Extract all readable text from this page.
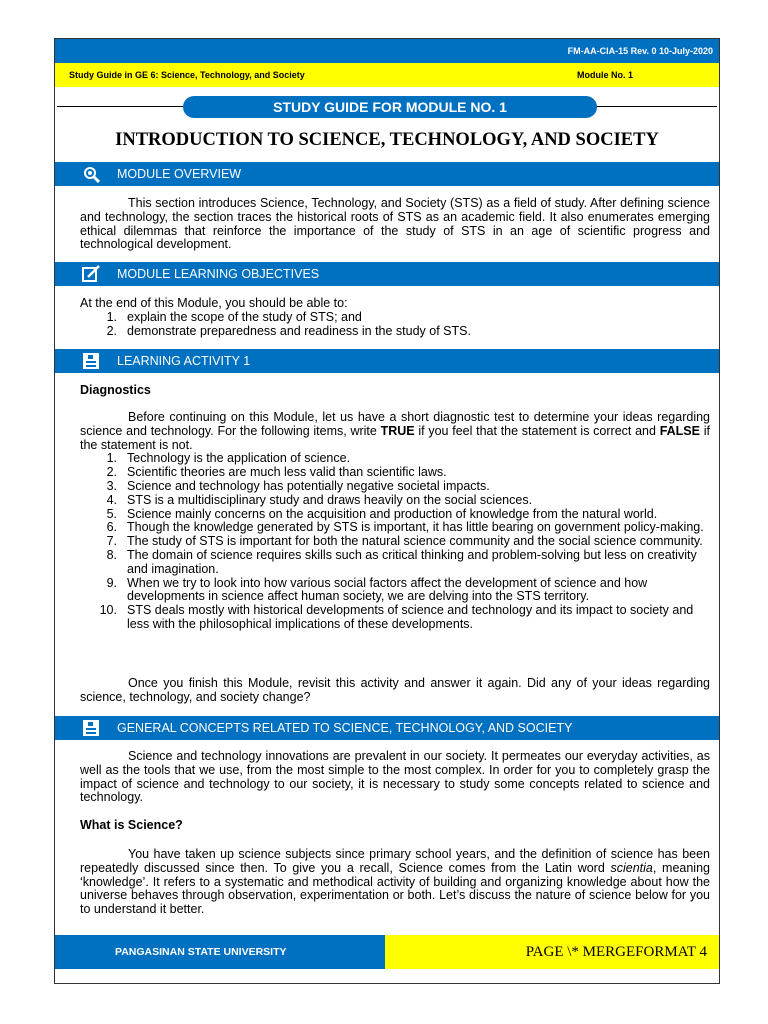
FM-AA-CIA-15 Rev. 0 10-July-2020
Study Guide in GE 6: Science, Technology, and Society	Module No. 1
STUDY GUIDE FOR MODULE NO. 1
INTRODUCTION TO SCIENCE, TECHNOLOGY, AND SOCIETY
MODULE OVERVIEW
This section introduces Science, Technology, and Society (STS) as a field of study. After defining science and technology, the section traces the historical roots of STS as an academic field. It also enumerates emerging ethical dilemmas that reinforce the importance of the study of STS in an age of scientific progress and technological development.
MODULE LEARNING OBJECTIVES
At the end of this Module, you should be able to:
1. explain the scope of the study of STS; and
2. demonstrate preparedness and readiness in the study of STS.
LEARNING ACTIVITY 1
Diagnostics
Before continuing on this Module, let us have a short diagnostic test to determine your ideas regarding science and technology. For the following items, write TRUE if you feel that the statement is correct and FALSE if the statement is not.
1. Technology is the application of science.
2. Scientific theories are much less valid than scientific laws.
3. Science and technology has potentially negative societal impacts.
4. STS is a multidisciplinary study and draws heavily on the social sciences.
5. Science mainly concerns on the acquisition and production of knowledge from the natural world.
6. Though the knowledge generated by STS is important, it has little bearing on government policy-making.
7. The study of STS is important for both the natural science community and the social science community.
8. The domain of science requires skills such as critical thinking and problem-solving but less on creativity and imagination.
9. When we try to look into how various social factors affect the development of science and how developments in science affect human society, we are delving into the STS territory.
10. STS deals mostly with historical developments of science and technology and its impact to society and less with the philosophical implications of these developments.
Once you finish this Module, revisit this activity and answer it again. Did any of your ideas regarding science, technology, and society change?
GENERAL CONCEPTS RELATED TO SCIENCE, TECHNOLOGY, AND SOCIETY
Science and technology innovations are prevalent in our society. It permeates our everyday activities, as well as the tools that we use, from the most simple to the most complex. In order for you to completely grasp the impact of science and technology to our society, it is necessary to study some concepts related to science and technology.
What is Science?
You have taken up science subjects since primary school years, and the definition of science has been repeatedly discussed since then. To give you a recall, Science comes from the Latin word scientia, meaning ‘knowledge’. It refers to a systematic and methodical activity of building and organizing knowledge about how the universe behaves through observation, experimentation or both. Let’s discuss the nature of science below for you to understand it better.
PANGASINAN STATE UNIVERSITY	PAGE \* MERGEFORMAT 4
